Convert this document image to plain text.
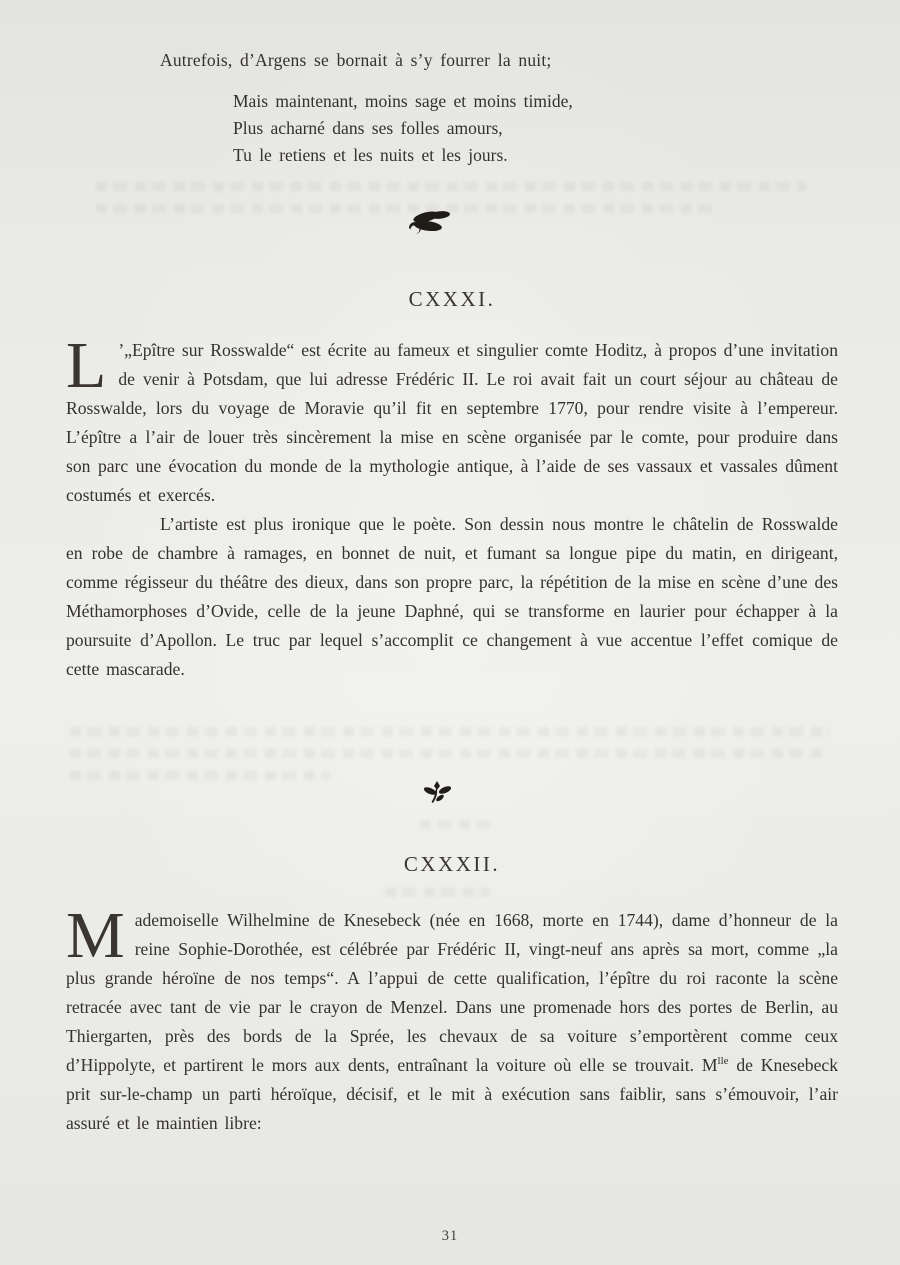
Autrefois, d’Argens se bornait à s’y fourrer la nuit;
Mais maintenant, moins sage et moins timide,
Plus acharné dans ses folles amours,
Tu le retiens et les nuits et les jours.
CXXXI.

L ’„Epître sur Rosswalde“ est écrite au fameux et singulier comte Hoditz, à propos d’une invitation de venir à Potsdam, que lui adresse Frédéric II. Le roi avait fait un court séjour au château de Rosswalde, lors du voyage de Moravie qu’il fit en septembre 1770, pour rendre visite à l’empereur. L’épître a l’air de louer très sincèrement la mise en scène organisée par le comte, pour produire dans son parc une évocation du monde de la mythologie antique, à l’aide de ses vassaux et vassales dûment costumés et exercés.

L’artiste est plus ironique que le poète. Son dessin nous montre le châtelin de Rosswalde en robe de chambre à ramages, en bonnet de nuit, et fumant sa longue pipe du matin, en dirigeant, comme régisseur du théâtre des dieux, dans son propre parc, la répétition de la mise en scène d’une des Méthamorphoses d’Ovide, celle de la jeune Daphné, qui se transforme en laurier pour échapper à la poursuite d’Apollon. Le truc par lequel s’accomplit ce changement à vue accentue l’effet comique de cette mascarade.

CXXXII.

Mademoiselle Wilhelmine de Knesebeck (née en 1668, morte en 1744), dame d’honneur de la reine Sophie-Dorothée, est célébrée par Frédéric II, vingt-neuf ans après sa mort, comme „la plus grande héroïne de nos temps“. A l’appui de cette qualification, l’épître du roi raconte la scène retracée avec tant de vie par le crayon de Menzel. Dans une promenade hors des portes de Berlin, au Thiergarten, près des bords de la Sprée, les chevaux de sa voiture s’emportèrent comme ceux d’Hippolyte, et partirent le mors aux dents, entraînant la voiture où elle se trouvait. $M^{lle}$ de Knesebeck prit sur-le-champ un parti héroïque, décisif, et le mit à exécution sans faiblir, sans s’émouvoir, l’air assuré et le maintien libre:

31
